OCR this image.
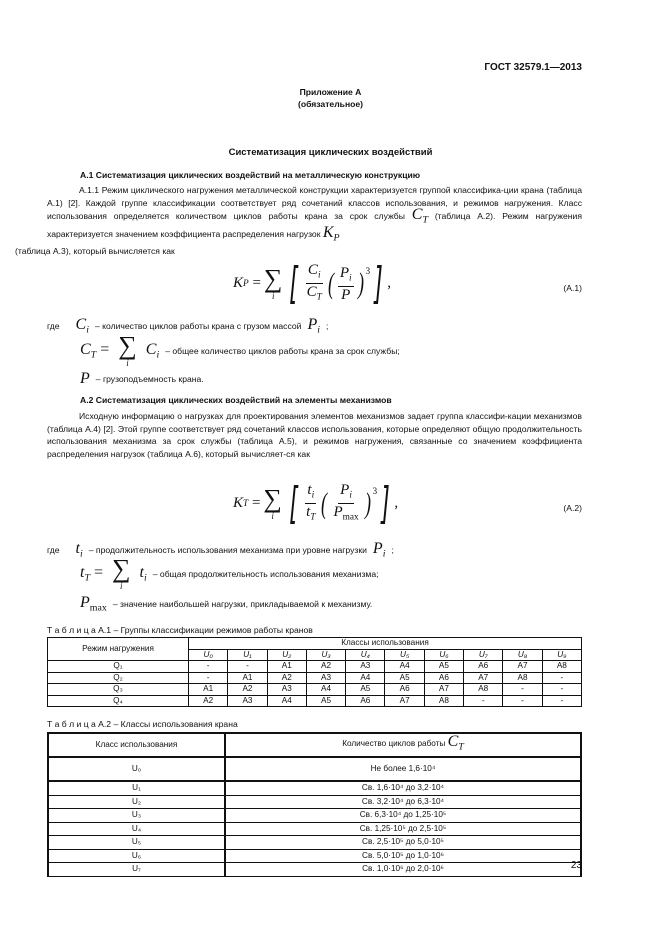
ГОСТ 32579.1—2013
Приложение А
(обязательное)
Систематизация циклических воздействий
А.1 Систематизация циклических воздействий на металлическую конструкцию
А.1.1 Режим циклического нагружения металлической конструкции характеризуется группой классифика-ции крана (таблица А.1) [2]. Каждой группе классификации соответствует ряд сочетаний классов использования, и режимов нагружения. Класс использования определяется количеством циклов работы крана за срок службы $C_T$ (таблица А.2). Режим нагружения характеризуется значением коэффициента распределения нагрузок $K_P$
(таблица А.3), который вычисляется как
K P
= ∑
i [ $\frac{C_i}{C_T}$ ( $\frac{P_i}{P} )^3$ ] ,	(А.1)
где $C_i$ – количество циклов работы крана с грузом массой $P_i$ ;
$C_T$ = ∑
i
$C_i$ – общее количество циклов работы крана за срок службы;
P – грузоподъемность крана.
А.2 Систематизация циклических воздействий на элементы механизмов
Исходную информацию о нагрузках для проектирования элементов механизмов задает группа классифи-кации механизмов (таблица А.4) [2]. Этой группе соответствует ряд сочетаний классов использования, которые определяют общую продолжительность использования механизма за срок службы (таблица А.5), и режимов нагружения, связанные со значением коэффициента распределения нагрузок (таблица А.6), который вычисляет-ся как
K T
= ∑
i [ $\frac{t_i}{t_T}$ ( $\frac{P_i}{P_{max}} )^3$ ] ,	(А.2)
где $t_i$ – продолжительность использования механизма при уровне нагрузки $P_i$ ;
$t_T$ = ∑
i
$t_i$ – общая продолжительность использования механизма;
$P_{max}$ – значение наибольшей нагрузки, прикладываемой к механизму.
Т а б л и ц а А.1 – Группы классификации режимов работы кранов
Режим нагружения	Классы использования									
	U₀	U₁	U₂	U₃	U₄	U₅	U₆	U₇	U₈	U₉
Q₁	-	-	A1	A2	A3	A4	A5	A6	A7	A8
Q₂	-	A1	A2	A3	A4	A5	A6	A7	A8	-
Q₃	A1	A2	A3	A4	A5	A6	A7	A8	-	-
Q₄	A2	A3	A4	A5	A6	A7	A8	-	-	-
Т а б л и ц а А.2 – Классы использования крана
Класс использования	Количество циклов работы $C_T$
U₀	Не более 1,6·10⁴
U₁	Св. 1,6·10⁴ до 3,2·10⁴
U₂	Св. 3,2·10⁴ до 6,3·10⁴
U₃	Св. 6,3·10⁴ до 1,25·10⁵
U₄	Св. 1,25·10⁵ до 2,5·10⁵
U₅	Св. 2,5·10⁵ до 5,0·10⁵
U₆	Св. 5,0·10⁵ до 1,0·10⁶
U₇	Св. 1,0·10⁶ до 2,0·10⁶	23
